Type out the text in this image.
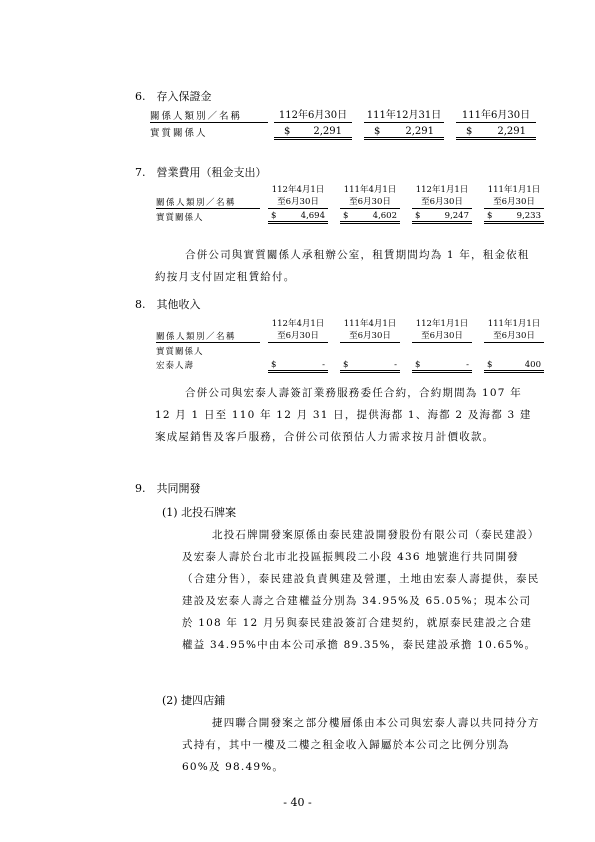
6.　存入保證金
關係人類別／名稱		112年6月30日		111年12月31日		111年6月30日
實質關係人		$ 2,291		$ 2,291		$ 2,291
7.　營業費用（租金支出）
		112年4月1日		111年4月1日		112年1月1日		111年1月1日
關係人類別／名稱		至6月30日		至6月30日		至6月30日		至6月30日
實質關係人		$ 4,694		$ 4,602		$ 9,247		$ 9,233
合併公司與實質關係人承租辦公室，租賃期間均為 1 年，租金依租約按月支付固定租賃給付。
8.　其他收入
		112年4月1日		111年4月1日		112年1月1日		111年1月1日
關係人類別／名稱		至6月30日		至6月30日		至6月30日		至6月30日
實質關係人								
宏泰人壽		$ -		$ -		$ -		$ 400
合併公司與宏泰人壽簽訂業務服務委任合約，合約期間為 107 年 12 月 1 日至 110 年 12 月 31 日，提供海都 1、海都 2 及海都 3 建案成屋銷售及客戶服務，合併公司依預估人力需求按月計價收款。
9.　共同開發
(1) 北投石牌案
北投石牌開發案原係由泰民建設開發股份有限公司（泰民建設）及宏泰人壽於台北市北投區振興段二小段 436 地號進行共同開發（合建分售），泰民建設負責興建及營運，土地由宏泰人壽提供，泰民建設及宏泰人壽之合建權益分別為 34.95%及 65.05%；現本公司於 108 年 12 月另與泰民建設簽訂合建契約，就原泰民建設之合建權益 34.95%中由本公司承擔 89.35%，泰民建設承擔 10.65%。
(2) 捷四店鋪
捷四聯合開發案之部分樓層係由本公司與宏泰人壽以共同持分方式持有，其中一樓及二樓之租金收入歸屬於本公司之比例分別為 60%及 98.49%。
- 40 -
